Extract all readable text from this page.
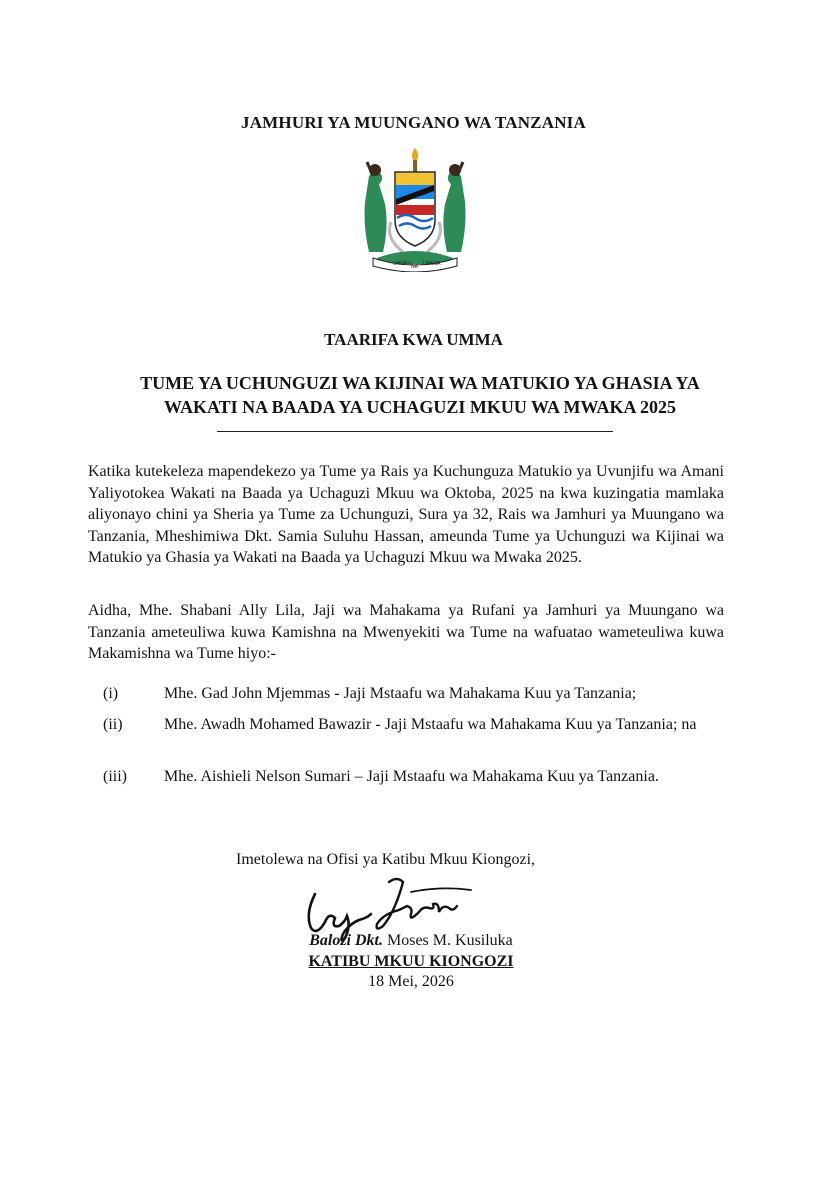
JAMHURI YA MUUNGANO WA TANZANIA
UHURU NA UMOJA
TAARIFA KWA UMMA
TUME YA UCHUNGUZI WA KIJINAI WA MATUKIO YA GHASIA YA
WAKATI NA BAADA YA UCHAGUZI MKUU WA MWAKA 2025
Katika kutekeleza mapendekezo ya Tume ya Rais ya Kuchunguza Matukio ya Uvunjifu wa Amani Yaliyotokea Wakati na Baada ya Uchaguzi Mkuu wa Oktoba, 2025 na kwa kuzingatia mamlaka aliyonayo chini ya Sheria ya Tume za Uchunguzi, Sura ya 32, Rais wa Jamhuri ya Muungano wa Tanzania, Mheshimiwa Dkt. Samia Suluhu Hassan, ameunda Tume ya Uchunguzi wa Kijinai wa Matukio ya Ghasia ya Wakati na Baada ya Uchaguzi Mkuu wa Mwaka 2025.
Aidha, Mhe. Shabani Ally Lila, Jaji wa Mahakama ya Rufani ya Jamhuri ya Muungano wa Tanzania ameteuliwa kuwa Kamishna na Mwenyekiti wa Tume na wafuatao wameteuliwa kuwa Makamishna wa Tume hiyo:-
(i)	Mhe. Gad John Mjemmas - Jaji Mstaafu wa Mahakama Kuu ya Tanzania;
(ii)	Mhe. Awadh Mohamed Bawazir - Jaji Mstaafu wa Mahakama Kuu ya Tanzania; na
(iii) Mhe. Aishieli Nelson Sumari – Jaji Mstaafu wa Mahakama Kuu ya Tanzania.
Imetolewa na Ofisi ya Katibu Mkuu Kiongozi,
Balozi Dkt. Moses M. Kusiluka
KATIBU MKUU KIONGOZI
18 Mei, 2026
